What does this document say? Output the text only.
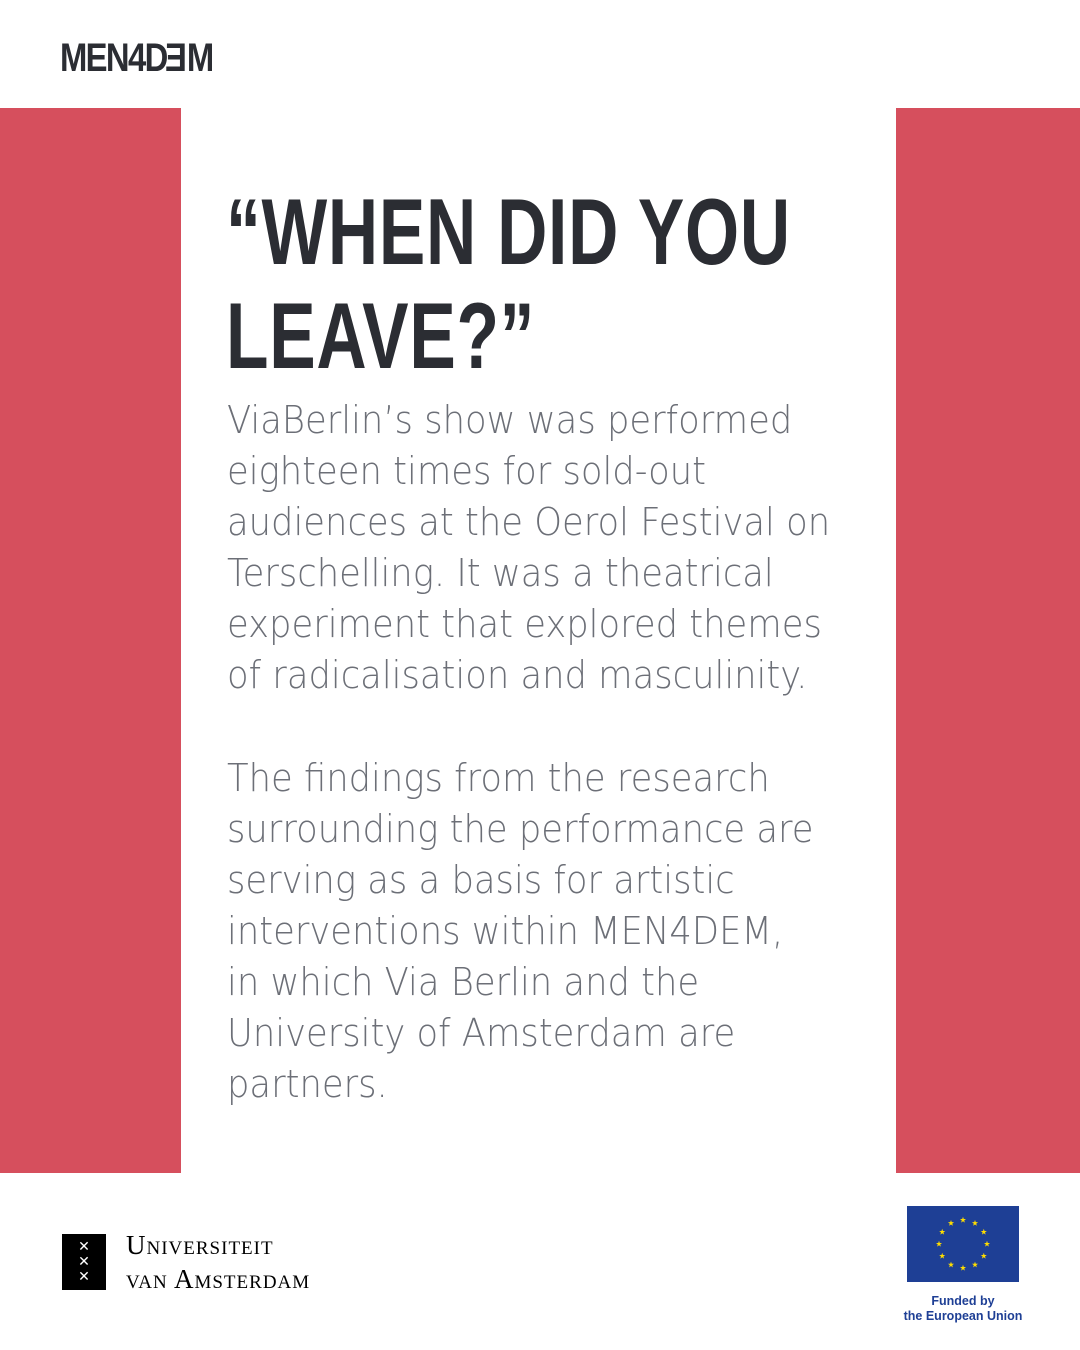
MEN4DEM
“WHEN DID YOU
LEAVE?”
ViaBerlin’s show was performed
eighteen times for sold-out
audiences at the Oerol Festival on
Terschelling. It was a theatrical
experiment that explored themes
of radicalisation and masculinity.
The findings from the research
surrounding the performance are
serving as a basis for artistic
interventions within MEN4DEM,
in which Via Berlin and the
University of Amsterdam are
partners.
✕
✕
✕
Universiteit
van Amsterdam
Funded by
the European Union
